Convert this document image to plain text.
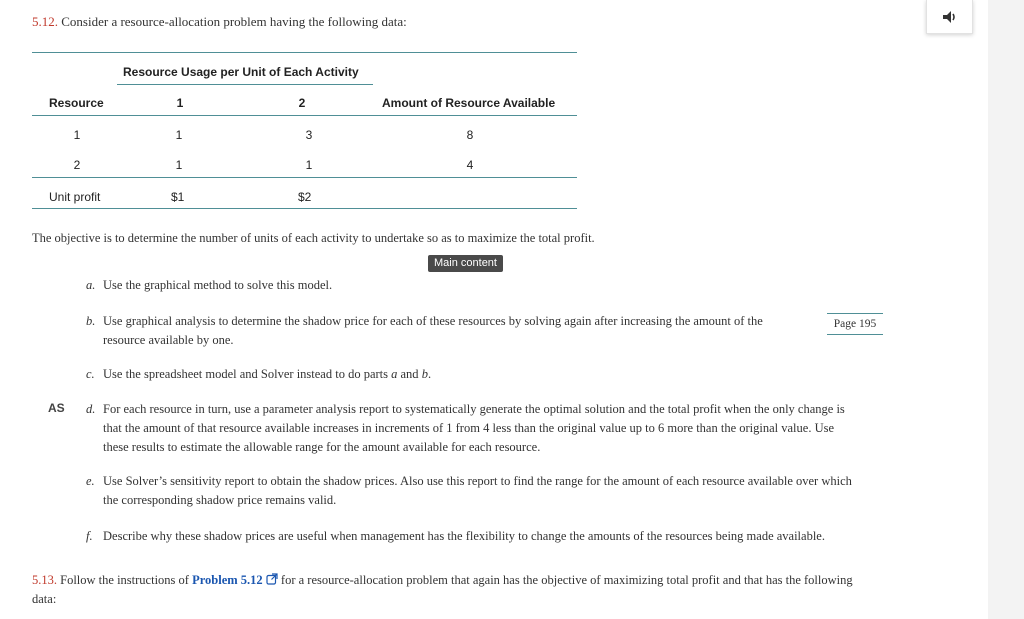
5.12. Consider a resource-allocation problem having the following data:
Resource Usage per Unit of Each Activity
Resource	1	2	Amount of Resource Available
1	1	3	8
2	1	1	4
Unit profit	$1	$2
The objective is to determine the number of units of each activity to undertake so as to maximize the total profit.
Main content
a. Use the graphical method to solve this model.
b. Use graphical analysis to determine the shadow price for each of these resources by solving again after increasing the amount of the
resource available by one.
Page 195
c. Use the spreadsheet model and Solver instead to do parts a and b.
AS d. For each resource in turn, use a parameter analysis report to systematically generate the optimal solution and the total profit when the only change is
that the amount of that resource available increases in increments of 1 from 4 less than the original value up to 6 more than the original value. Use
these results to estimate the allowable range for the amount available for each resource.
e. Use Solver’s sensitivity report to obtain the shadow prices. Also use this report to find the range for the amount of each resource available over which
the corresponding shadow price remains valid.
f. Describe why these shadow prices are useful when management has the flexibility to change the amounts of the resources being made available.
5.13. Follow the instructions of Problem 5.12  for a resource-allocation problem that again has the objective of maximizing total profit and that has the following
data:
